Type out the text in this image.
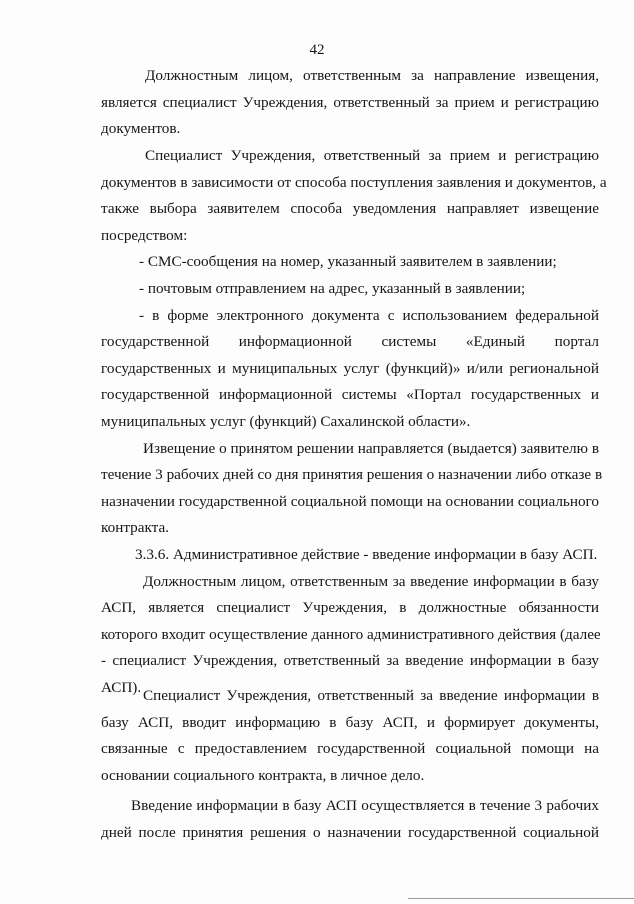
42
Должностным лицом, ответственным за направление извещения,
является специалист Учреждения, ответственный за прием и регистрацию
документов.
Специалист Учреждения, ответственный за прием и регистрацию
документов в зависимости от способа поступления заявления и документов, а
также выбора заявителем способа уведомления направляет извещение
посредством:
- СМС-сообщения на номер, указанный заявителем в заявлении;
- почтовым отправлением на адрес, указанный в заявлении;
- в форме электронного документа с использованием федеральной
государственной информационной системы «Единый портал
государственных и муниципальных услуг (функций)» и/или региональной
государственной информационной системы «Портал государственных и
муниципальных услуг (функций) Сахалинской области».
Извещение о принятом решении направляется (выдается) заявителю в
течение 3 рабочих дней со дня принятия решения о назначении либо отказе в
назначении государственной социальной помощи на основании социального
контракта.
3.3.6. Административное действие - введение информации в базу АСП.
Должностным лицом, ответственным за введение информации в базу
АСП, является специалист Учреждения, в должностные обязанности
которого входит осуществление данного административного действия (далее
- специалист Учреждения, ответственный за введение информации в базу
АСП). Специалист Учреждения, ответственный за введение информации в
базу АСП, вводит информацию в базу АСП, и формирует документы,
связанные с предоставлением государственной социальной помощи на
основании социального контракта, в личное дело.
Введение информации в базу АСП осуществляется в течение 3 рабочих
дней после принятия решения о назначении государственной социальной
